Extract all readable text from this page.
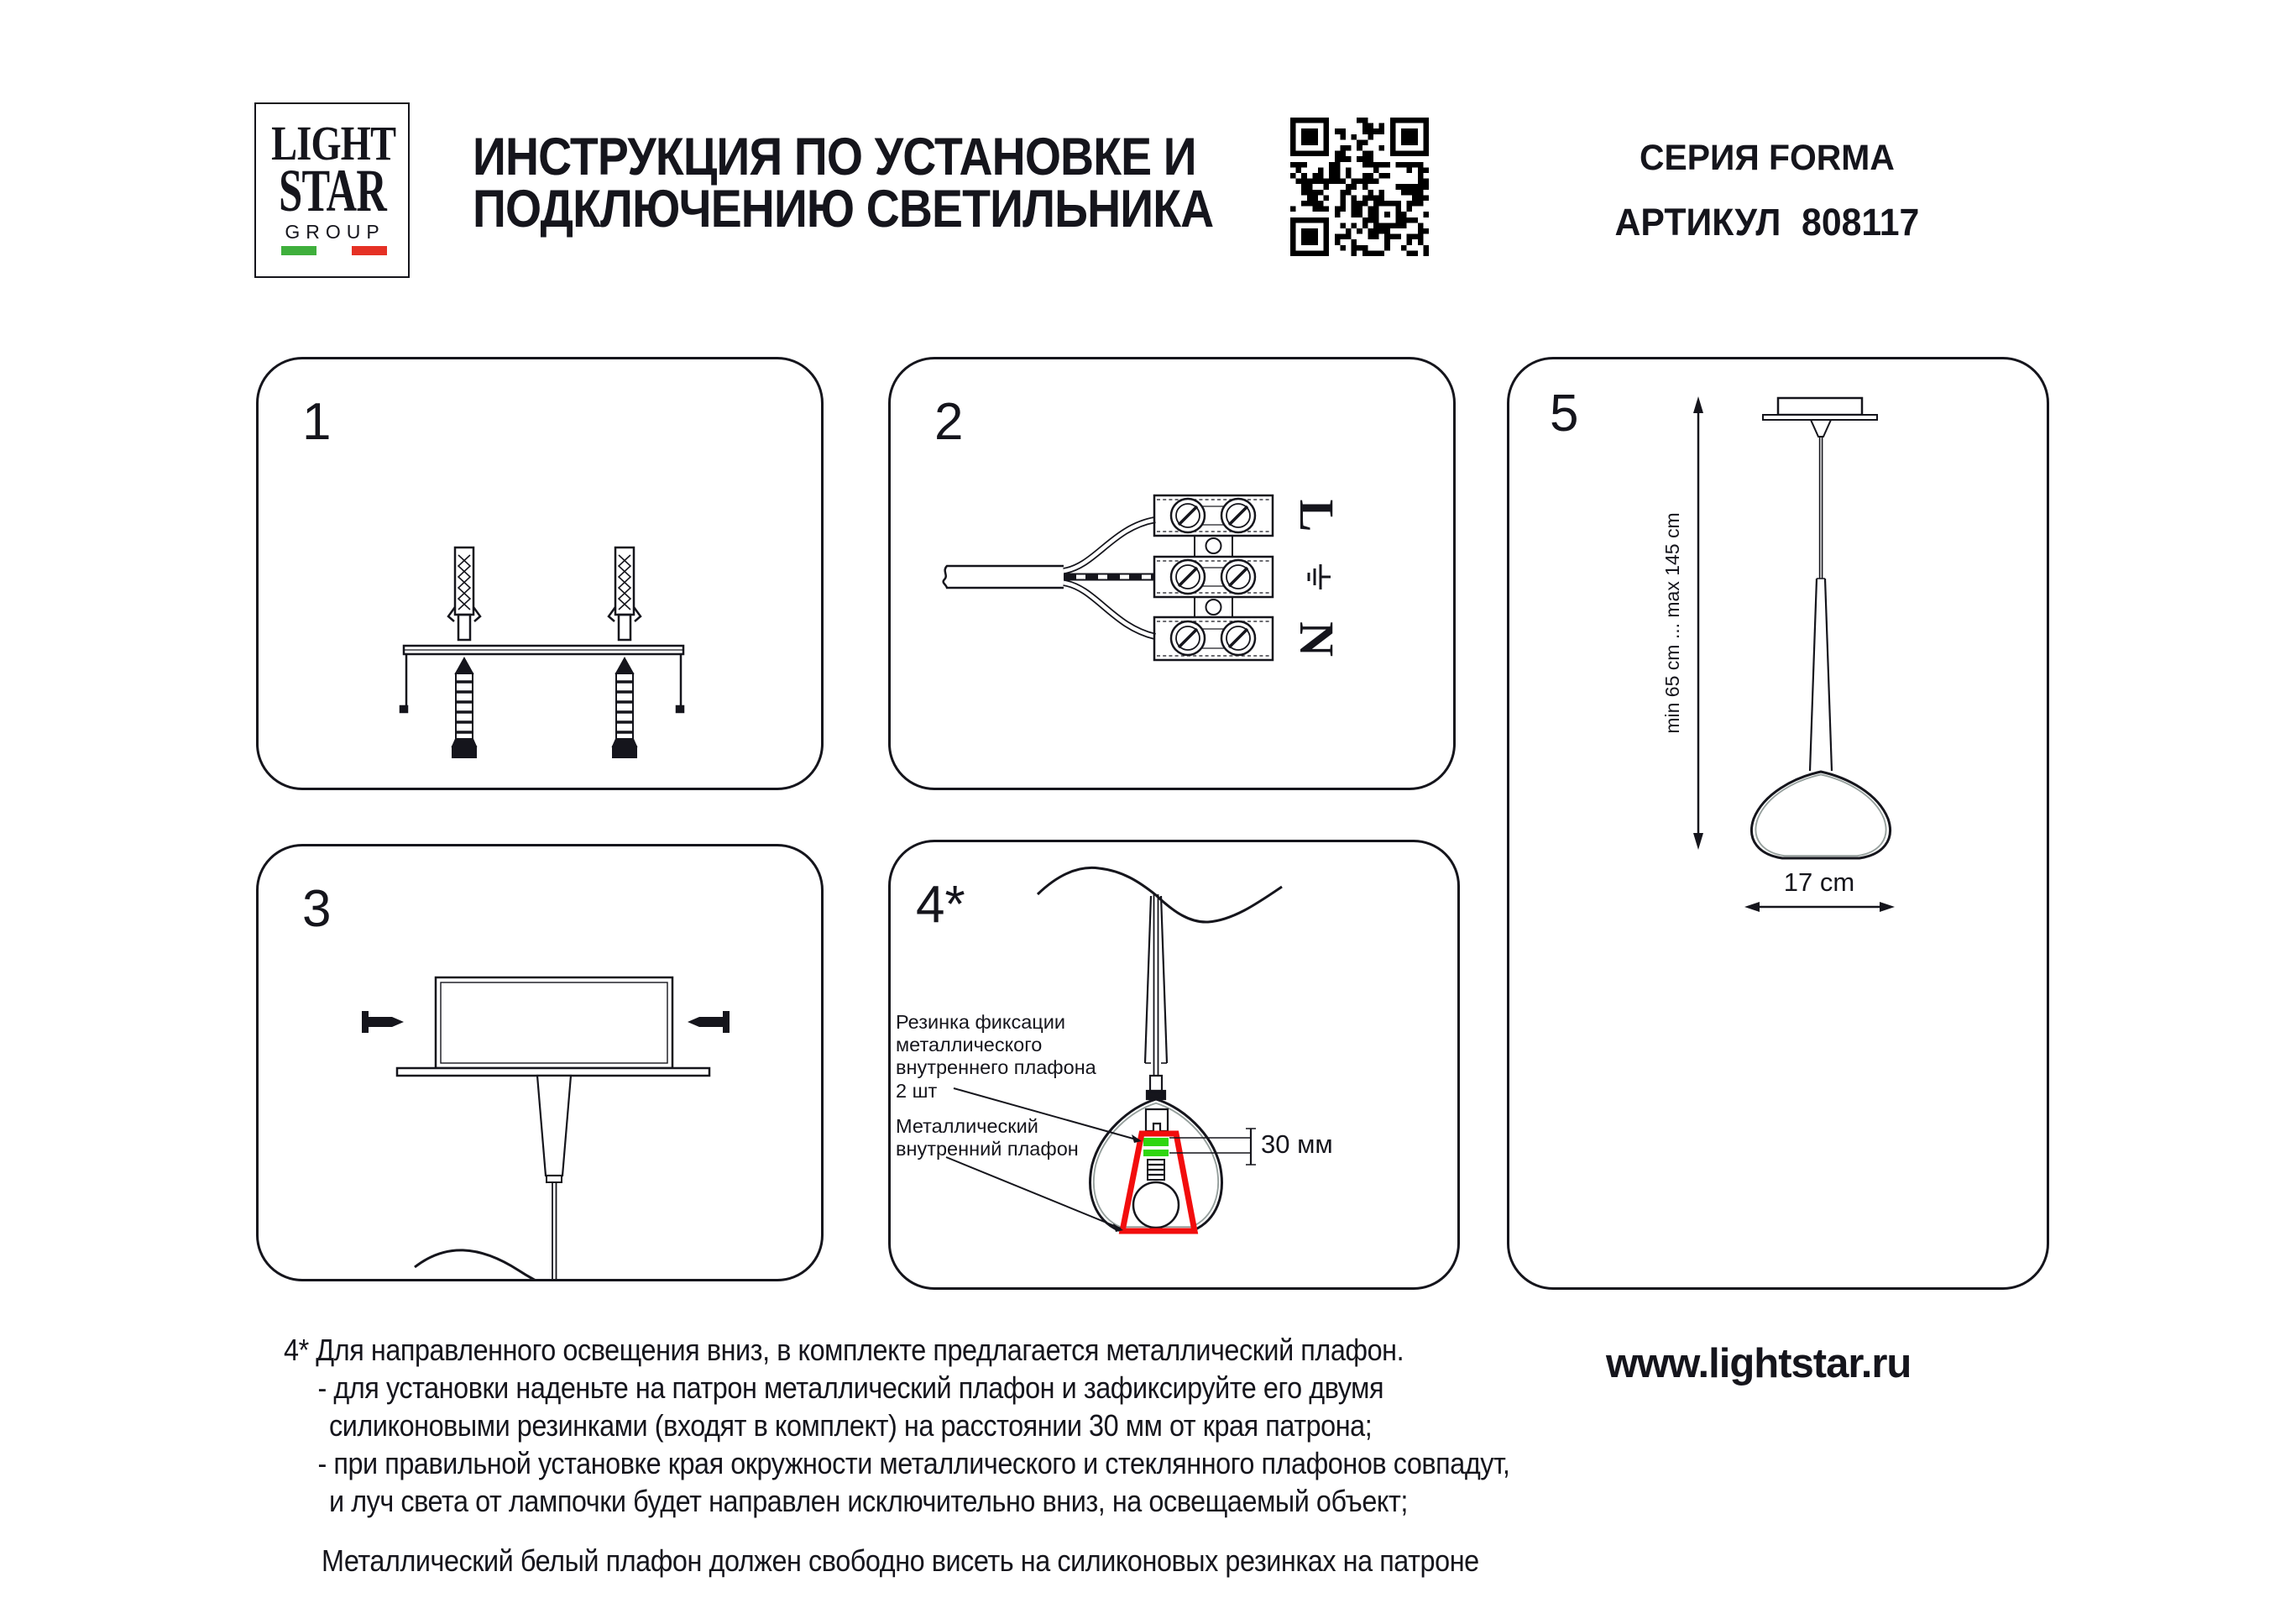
LIGHT
STAR
GROUP
ИНСТРУКЦИЯ ПО УСТАНОВКЕ И
ПОДКЛЮЧЕНИЮ СВЕТИЛЬНИКА
СЕРИЯ FORMA
АРТИКУЛ 808117
1	2
L
N
3	4*
Резинка фиксации
металлического
внутреннего плафона
2 шт
Металлический
внутренний плафон	30 мм
5
min 65 cm ... max 145 cm
17 cm
4* Для направленного освещения вниз, в комплекте предлагается металлический плафон.
- для установки наденьте на патрон металлический плафон и зафиксируйте его двумя
силиконовыми резинками (входят в комплект) на расстоянии 30 мм от края патрона;
- при правильной установке края окружности металлического и стеклянного плафонов совпадут,
и луч света от лампочки будет направлен исключительно вниз, на освещаемый объект;
Металлический белый плафон должен свободно висеть на силиконовых резинках на патроне
www.lightstar.ru
